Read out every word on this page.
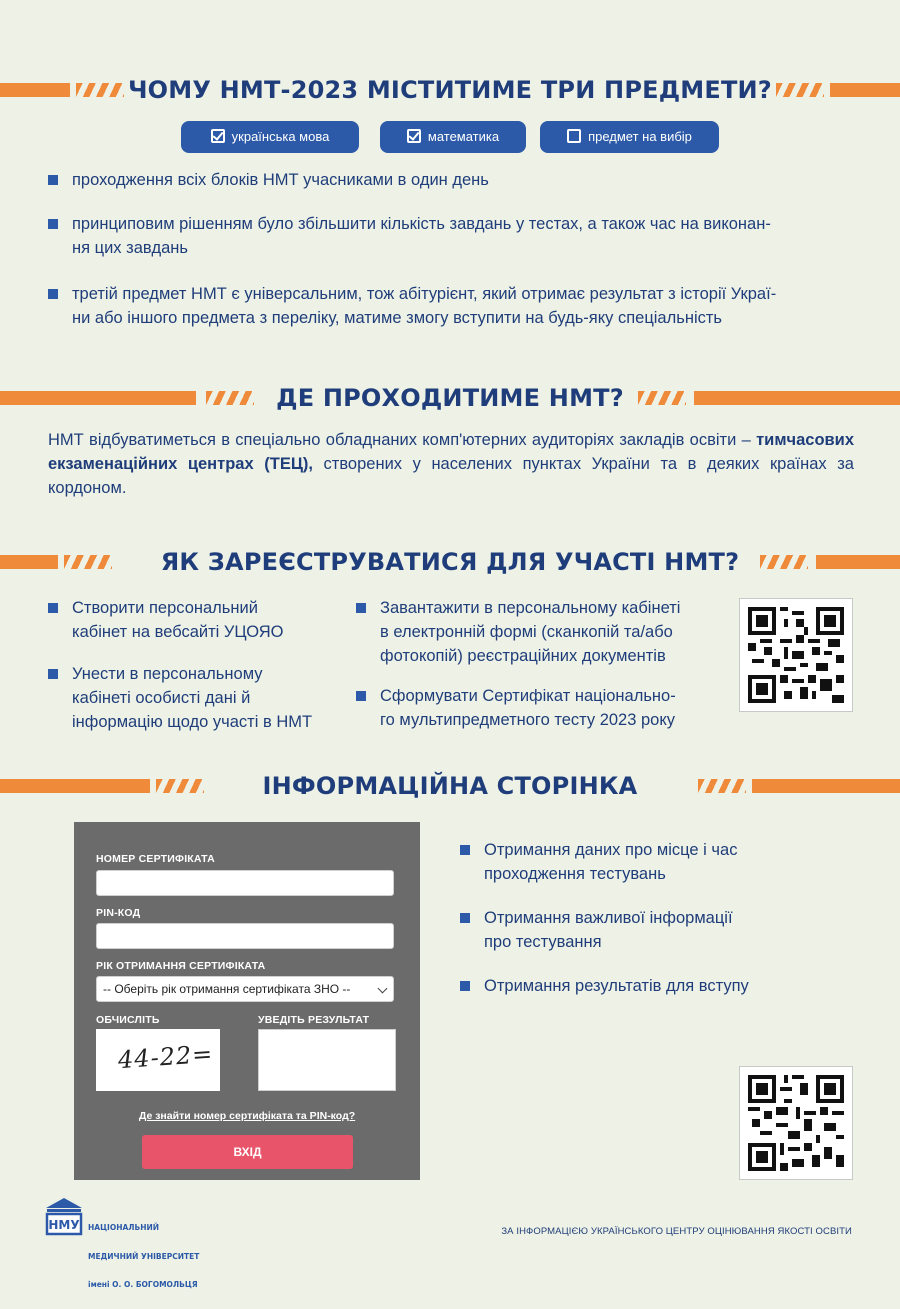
ЧОМУ НМТ-2023 МІСТИТИМЕ ТРИ ПРЕДМЕТИ?
українська мова	математика	предмет на вибір
проходження всіх блоків НМТ учасниками в один день
принциповим рішенням було збільшити кількість завдань у тестах, а також час на виконан-
ня цих завдань
третій предмет НМТ є універсальним, тож абітурієнт, який отримає результат з історії Украї-
ни або іншого предмета з переліку, матиме змогу вступити на будь-яку спеціальність
ДЕ ПРОХОДИТИМЕ НМТ?
НМТ відбуватиметься в спеціально обладнаних комп'ютерних аудиторіях закладів освіти – тимчасових екзаменаційних центрах (ТЕЦ), створених у населених пунктах України та в деяких країнах за кордоном.
ЯК ЗАРЕЄСТРУВАТИСЯ ДЛЯ УЧАСТІ НМТ?
Створити персональний
кабінет на вебсайті УЦОЯО
Унести в персональному
кабінеті особисті дані й
інформацію щодо участі в НМТ
Завантажити в персональному кабінеті
в електронній формі (сканкопій та/або
фотокопій) реєстраційних документів
Сформувати Сертифікат національно-
го мультипредметного тесту 2023 року
ІНФОРМАЦІЙНА СТОРІНКА
НОМЕР СЕРТИФІКАТА
PIN-КОД
РІК ОТРИМАННЯ СЕРТИФІКАТА
-- Оберіть рік отримання сертифіката ЗНО --
ОБЧИСЛІТЬ	УВЕДІТЬ РЕЗУЛЬТАТ
44-22=
Де знайти номер сертифіката та PIN-код?
ВХІД
Отримання даних про місце і час
проходження тестувань
Отримання важливої інформації
про тестування
Отримання результатів для вступу
НМУ

НАЦІОНАЛЬНИЙ

МЕДИЧНИЙ УНІВЕРСИТЕТ

імені О. О. БОГОМОЛЬЦЯ

ЗА ІНФОРМАЦІЄЮ УКРАЇНСЬКОГО ЦЕНТРУ ОЦІНЮВАННЯ ЯКОСТІ ОСВІТИ
